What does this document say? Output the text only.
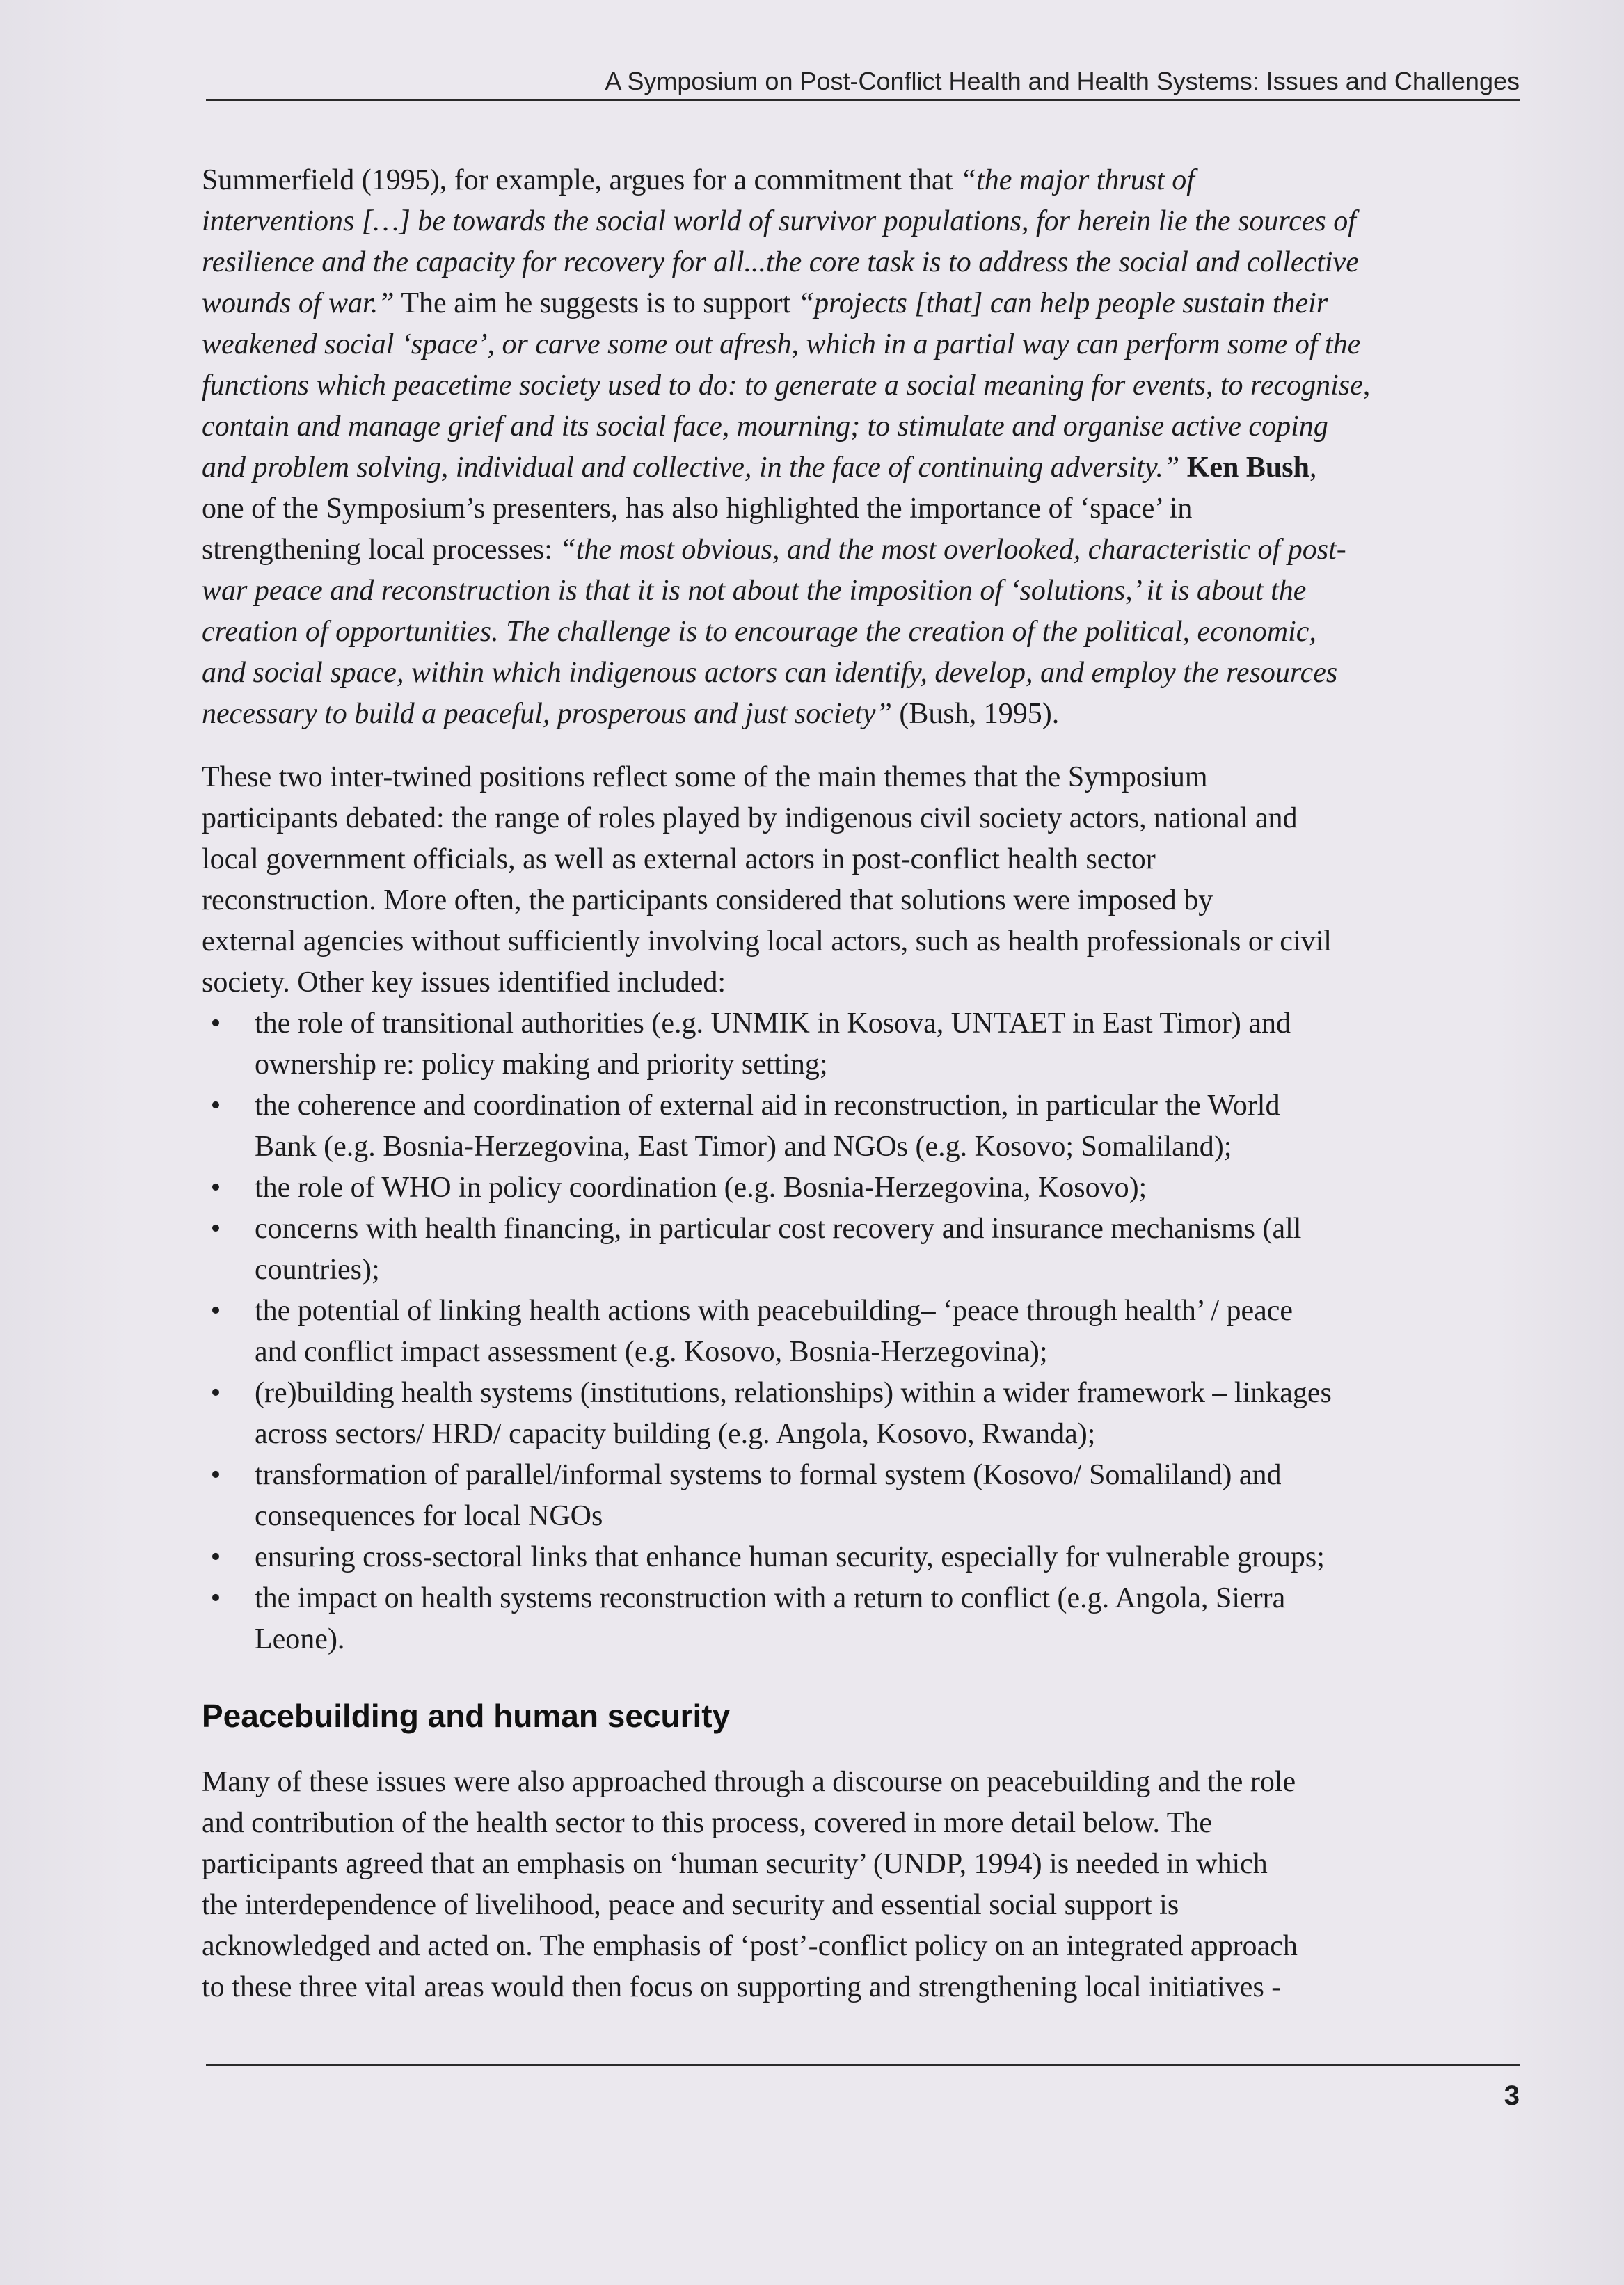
A Symposium on Post-Conflict Health and Health Systems: Issues and Challenges

Summerfield (1995), for example, argues for a commitment that “the major thrust of
interventions […] be towards the social world of survivor populations, for herein lie the sources of
resilience and the capacity for recovery for all...the core task is to address the social and collective
wounds of war.” The aim he suggests is to support “projects [that] can help people sustain their
weakened social ‘space’, or carve some out afresh, which in a partial way can perform some of the
functions which peacetime society used to do: to generate a social meaning for events, to recognise,
contain and manage grief and its social face, mourning; to stimulate and organise active coping
and problem solving, individual and collective, in the face of continuing adversity.” Ken Bush,
one of the Symposium’s presenters, has also highlighted the importance of ‘space’ in
strengthening local processes: “the most obvious, and the most overlooked, characteristic of post-
war peace and reconstruction is that it is not about the imposition of ‘solutions,’ it is about the
creation of opportunities. The challenge is to encourage the creation of the political, economic,
and social space, within which indigenous actors can identify, develop, and employ the resources
necessary to build a peaceful, prosperous and just society” (Bush, 1995).

These two inter-twined positions reflect some of the main themes that the Symposium
participants debated: the range of roles played by indigenous civil society actors, national and
local government officials, as well as external actors in post-conflict health sector
reconstruction. More often, the participants considered that solutions were imposed by
external agencies without sufficiently involving local actors, such as health professionals or civil
society. Other key issues identified included:

•	the role of transitional authorities (e.g. UNMIK in Kosova, UNTAET in East Timor) and
ownership re: policy making and priority setting;
•	the coherence and coordination of external aid in reconstruction, in particular the World
Bank (e.g. Bosnia-Herzegovina, East Timor) and NGOs (e.g. Kosovo; Somaliland);
•	the role of WHO in policy coordination (e.g. Bosnia-Herzegovina, Kosovo);
•	concerns with health financing, in particular cost recovery and insurance mechanisms (all
countries);
•	the potential of linking health actions with peacebuilding– ‘peace through health’ / peace
and conflict impact assessment (e.g. Kosovo, Bosnia-Herzegovina);
•	(re)building health systems (institutions, relationships) within a wider framework – linkages
across sectors/ HRD/ capacity building (e.g. Angola, Kosovo, Rwanda);
•	transformation of parallel/informal systems to formal system (Kosovo/ Somaliland) and
consequences for local NGOs
•	ensuring cross-sectoral links that enhance human security, especially for vulnerable groups;
•	the impact on health systems reconstruction with a return to conflict (e.g. Angola, Sierra
Leone).
Peacebuilding and human security

Many of these issues were also approached through a discourse on peacebuilding and the role
and contribution of the health sector to this process, covered in more detail below. The
participants agreed that an emphasis on ‘human security’ (UNDP, 1994) is needed in which
the interdependence of livelihood, peace and security and essential social support is
acknowledged and acted on. The emphasis of ‘post’-conflict policy on an integrated approach
to these three vital areas would then focus on supporting and strengthening local initiatives -

3
